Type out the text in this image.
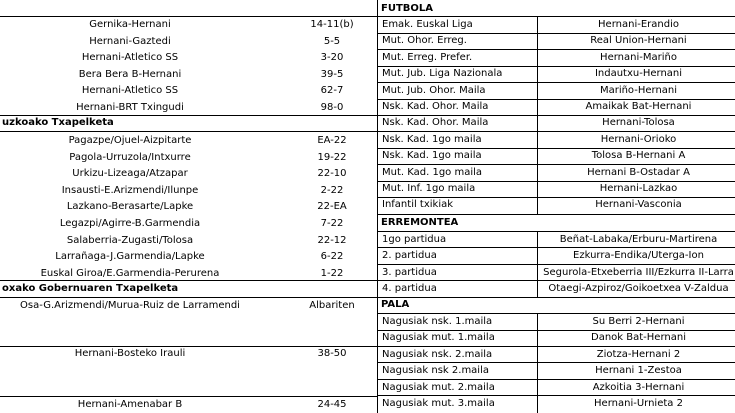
Gernika-Hernani	14-11(b)
Hernani-Gaztedi	5-5
Hernani-Atletico SS	3-20
Bera Bera B-Hernani	39-5
Hernani-Atletico SS	62-7
Hernani-BRT Txingudi	98-0
Pagazpe/Ojuel-Aizpitarte	EA-22
Pagola-Urruzola/Intxurre	19-22
Urkizu-Lizeaga/Atzapar	22-10
Insausti-E.Arizmendi/Ilunpe	2-22
Lazkano-Berasarte/Lapke	22-EA
Legazpi/Agirre-B.Garmendia	7-22
Salaberria-Zugasti/Tolosa	22-12
Larrañaga-J.Garmendia/Lapke	6-22
Euskal Giroa/E.Garmendia-Perurena	1-22
Osa-G.Arizmendi/Murua-Ruiz de Larramendi	Albariten
Hernani-Bosteko Irauli	38-50
Hernani-Amenabar B	24-45
Emak. Euskal Liga	Hernani-Erandio
Mut. Ohor. Erreg.	Real Union-Hernani
Mut. Erreg. Prefer.	Hernani-Mariño
Mut. Jub. Liga Nazionala	Indautxu-Hernani
Mut. Jub. Ohor. Maila	Mariño-Hernani
Nsk. Kad. Ohor. Maila	Amaikak Bat-Hernani
Nsk. Kad. Ohor. Maila	Hernani-Tolosa
Nsk. Kad. 1go maila	Hernani-Orioko
Nsk. Kad. 1go maila	Tolosa B-Hernani A
Mut. Kad. 1go maila	Hernani B-Ostadar A
Mut. Inf. 1go maila	Hernani-Lazkao
Infantil txikiak	Hernani-Vasconia
1go partidua	Beñat-Labaka/Erburu-Martirena
2. partidua	Ezkurra-Endika/Uterga-Ion
3. partidua	Segurola-Etxeberria III/Ezkurra II-Larra
4. partidua	Otaegi-Azpiroz/Goikoetxea V-Zaldua
Nagusiak nsk. 1.maila	Su Berri 2-Hernani
Nagusiak mut. 1.maila	Danok Bat-Hernani
Nagusiak nsk. 2.maila	Ziotza-Hernani 2
Nagusiak nsk 2.maila	Hernani 1-Zestoa
Nagusiak mut. 2.maila	Azkoitia 3-Hernani
Nagusiak mut. 3.maila	Hernani-Urnieta 2
uzkoako Txapelketa
oxako Gobernuaren Txapelketa
FUTBOLA
ERREMONTEA
PALA
